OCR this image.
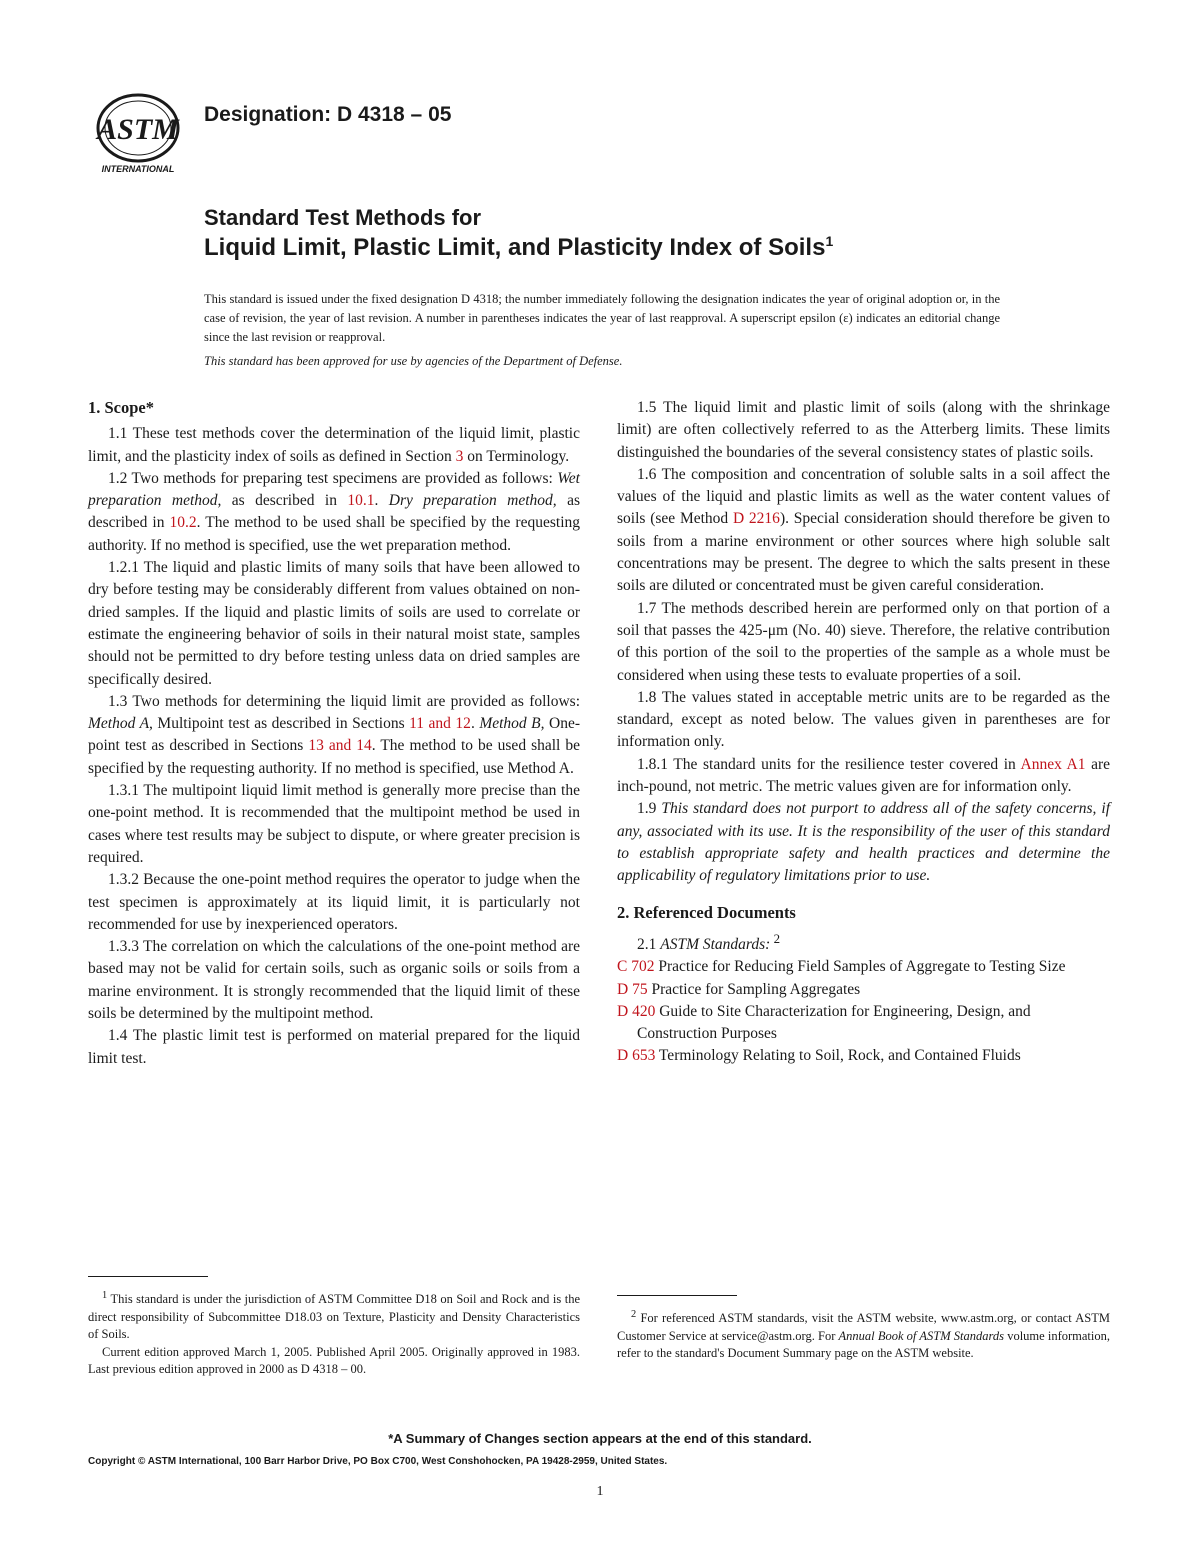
ASTM
INTERNATIONAL
Designation: D 4318 – 05
Standard Test Methods for
Liquid Limit, Plastic Limit, and Plasticity Index of Soils$^1$
This standard is issued under the fixed designation D 4318; the number immediately following the designation indicates the year of original adoption or, in the case of revision, the year of last revision. A number in parentheses indicates the year of last reapproval. A superscript epsilon (ε) indicates an editorial change since the last revision or reapproval.
This standard has been approved for use by agencies of the Department of Defense.
1. Scope*

1.1 These test methods cover the determination of the liquid limit, plastic limit, and the plasticity index of soils as defined in Section 3 on Terminology.

1.2 Two methods for preparing test specimens are provided as follows: Wet preparation method, as described in 10.1. Dry preparation method, as described in 10.2. The method to be used shall be specified by the requesting authority. If no method is specified, use the wet preparation method.

1.2.1 The liquid and plastic limits of many soils that have been allowed to dry before testing may be considerably different from values obtained on non-dried samples. If the liquid and plastic limits of soils are used to correlate or estimate the engineering behavior of soils in their natural moist state, samples should not be permitted to dry before testing unless data on dried samples are specifically desired.

1.3 Two methods for determining the liquid limit are provided as follows: Method A, Multipoint test as described in Sections 11 and 12. Method B, One-point test as described in Sections 13 and 14. The method to be used shall be specified by the requesting authority. If no method is specified, use Method A.

1.3.1 The multipoint liquid limit method is generally more precise than the one-point method. It is recommended that the multipoint method be used in cases where test results may be subject to dispute, or where greater precision is required.

1.3.2 Because the one-point method requires the operator to judge when the test specimen is approximately at its liquid limit, it is particularly not recommended for use by inexperienced operators.

1.3.3 The correlation on which the calculations of the one-point method are based may not be valid for certain soils, such as organic soils or soils from a marine environment. It is strongly recommended that the liquid limit of these soils be determined by the multipoint method.

1.4 The plastic limit test is performed on material prepared for the liquid limit test.

1.5 The liquid limit and plastic limit of soils (along with the shrinkage limit) are often collectively referred to as the Atterberg limits. These limits distinguished the boundaries of the several consistency states of plastic soils.

1.6 The composition and concentration of soluble salts in a soil affect the values of the liquid and plastic limits as well as the water content values of soils (see Method D 2216). Special consideration should therefore be given to soils from a marine environment or other sources where high soluble salt concentrations may be present. The degree to which the salts present in these soils are diluted or concentrated must be given careful consideration.

1.7 The methods described herein are performed only on that portion of a soil that passes the 425-μm (No. 40) sieve. Therefore, the relative contribution of this portion of the soil to the properties of the sample as a whole must be considered when using these tests to evaluate properties of a soil.

1.8 The values stated in acceptable metric units are to be regarded as the standard, except as noted below. The values given in parentheses are for information only.

1.8.1 The standard units for the resilience tester covered in Annex A1 are inch-pound, not metric. The metric values given are for information only.

1.9 This standard does not purport to address all of the safety concerns, if any, associated with its use. It is the responsibility of the user of this standard to establish appropriate safety and health practices and determine the applicability of regulatory limitations prior to use.

2. Referenced Documents

2.1 ASTM Standards: $^2$

C 702 Practice for Reducing Field Samples of Aggregate to Testing Size
D 75 Practice for Sampling Aggregates
D 420 Guide to Site Characterization for Engineering, Design, and Construction Purposes
D 653 Terminology Relating to Soil, Rock, and Contained Fluids

$^1$ This standard is under the jurisdiction of ASTM Committee D18 on Soil and Rock and is the direct responsibility of Subcommittee D18.03 on Texture, Plasticity and Density Characteristics of Soils.

Current edition approved March 1, 2005. Published April 2005. Originally approved in 1983. Last previous edition approved in 2000 as D 4318 – 00.

$^2$ For referenced ASTM standards, visit the ASTM website, www.astm.org, or contact ASTM Customer Service at service@astm.org. For Annual Book of ASTM Standards volume information, refer to the standard's Document Summary page on the ASTM website.

*A Summary of Changes section appears at the end of this standard.
Copyright © ASTM International, 100 Barr Harbor Drive, PO Box C700, West Conshohocken, PA 19428-2959, United States.
1
